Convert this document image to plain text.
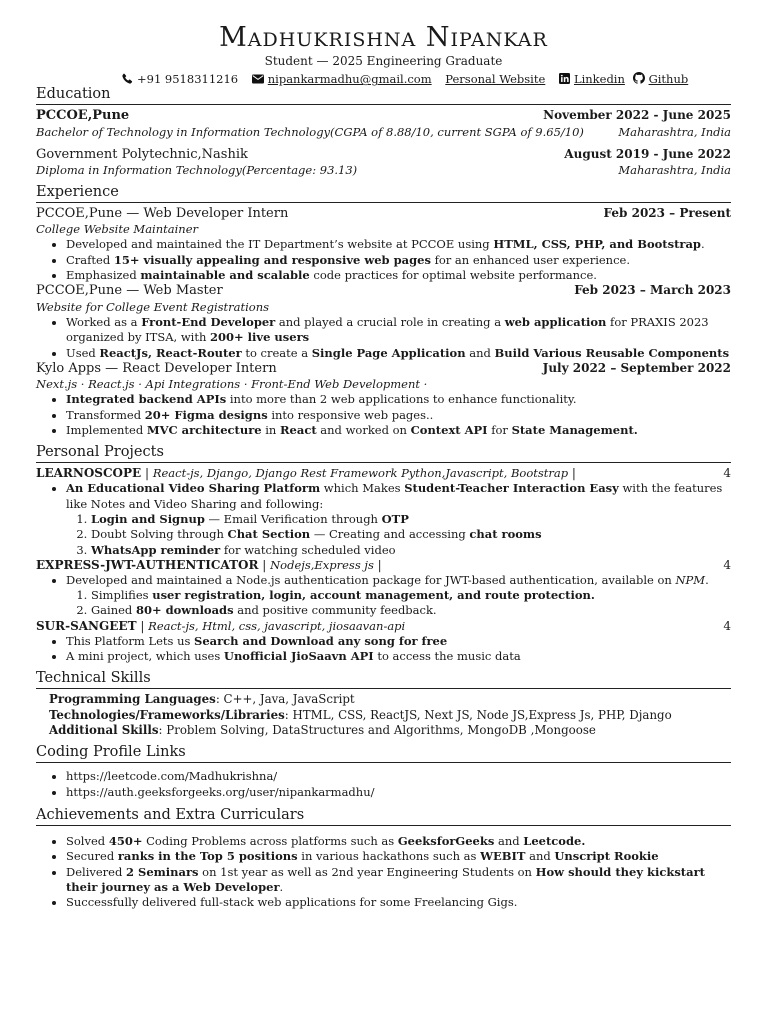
Madhukrishna Nipankar
Student — 2025 Engineering Graduate
+91 9518311216	nipankarmadhu@gmail.com Personal Website Linkedin Github
Education
PCCOE,Pune	November 2022 - June 2025
Bachelor of Technology in Information Technology(CGPA of 8.88/10, current SGPA of 9.65/10)	Maharashtra, India
Government Polytechnic,Nashik	August 2019 - June 2022
Diploma in Information Technology(Percentage: 93.13)	Maharashtra, India
Experience
PCCOE,Pune — Web Developer Intern	Feb 2023 – Present
College Website Maintainer
• Developed and maintained the IT Department’s website at PCCOE using HTML, CSS, PHP, and Bootstrap.
• Crafted 15+ visually appealing and responsive web pages for an enhanced user experience.
• Emphasized maintainable and scalable code practices for optimal website performance.
PCCOE,Pune — Web Master	Feb 2023 – March 2023
Website for College Event Registrations
• Worked as a Front-End Developer and played a crucial role in creating a web application for PRAXIS 2023 organized by ITSA, with 200+ live users
• Used ReactJs, React-Router to create a Single Page Application and Build Various Reusable Components
Kylo Apps — React Developer Intern	July 2022 – September 2022
Next.js · React.js · Api Integrations · Front-End Web Development ·
• Integrated backend APIs into more than 2 web applications to enhance functionality.
• Transformed 20+ Figma designs into responsive web pages..
• Implemented MVC architecture in React and worked on Context API for State Management.
Personal Projects
LEARNOSCOPE | React-js, Django, Django Rest Framework Python,Javascript, Bootstrap |	4
• An Educational Video Sharing Platform which Makes Student-Teacher Interaction Easy with the features like Notes and Video Sharing and following:
1. Login and Signup — Email Verification through OTP
2. Doubt Solving through Chat Section — Creating and accessing chat rooms
3. WhatsApp reminder for watching scheduled video
EXPRESS-JWT-AUTHENTICATOR | Nodejs,Express js |	4
• Developed and maintained a Node.js authentication package for JWT-based authentication, available on NPM.
1. Simplifies user registration, login, account management, and route protection.
2. Gained 80+ downloads and positive community feedback.
SUR-SANGEET | React-js, Html, css, javascript, jiosaavan-api	4
• This Platform Lets us Search and Download any song for free
• A mini project, which uses Unofficial JioSaavn API to access the music data
Technical Skills
Programming Languages: C++, Java, JavaScript
Technologies/Frameworks/Libraries: HTML, CSS, ReactJS, Next JS, Node JS,Express Js, PHP, Django
Additional Skills: Problem Solving, DataStructures and Algorithms, MongoDB ,Mongoose
Coding Profile Links
• https://leetcode.com/Madhukrishna/
• https://auth.geeksforgeeks.org/user/nipankarmadhu/
Achievements and Extra Curriculars
• Solved 450+ Coding Problems across platforms such as GeeksforGeeks and Leetcode.
• Secured ranks in the Top 5 positions in various hackathons such as WEBIT and Unscript Rookie
• Delivered 2 Seminars on 1st year as well as 2nd year Engineering Students on How should they kickstart their journey as a Web Developer.
• Successfully delivered full-stack web applications for some Freelancing Gigs.
